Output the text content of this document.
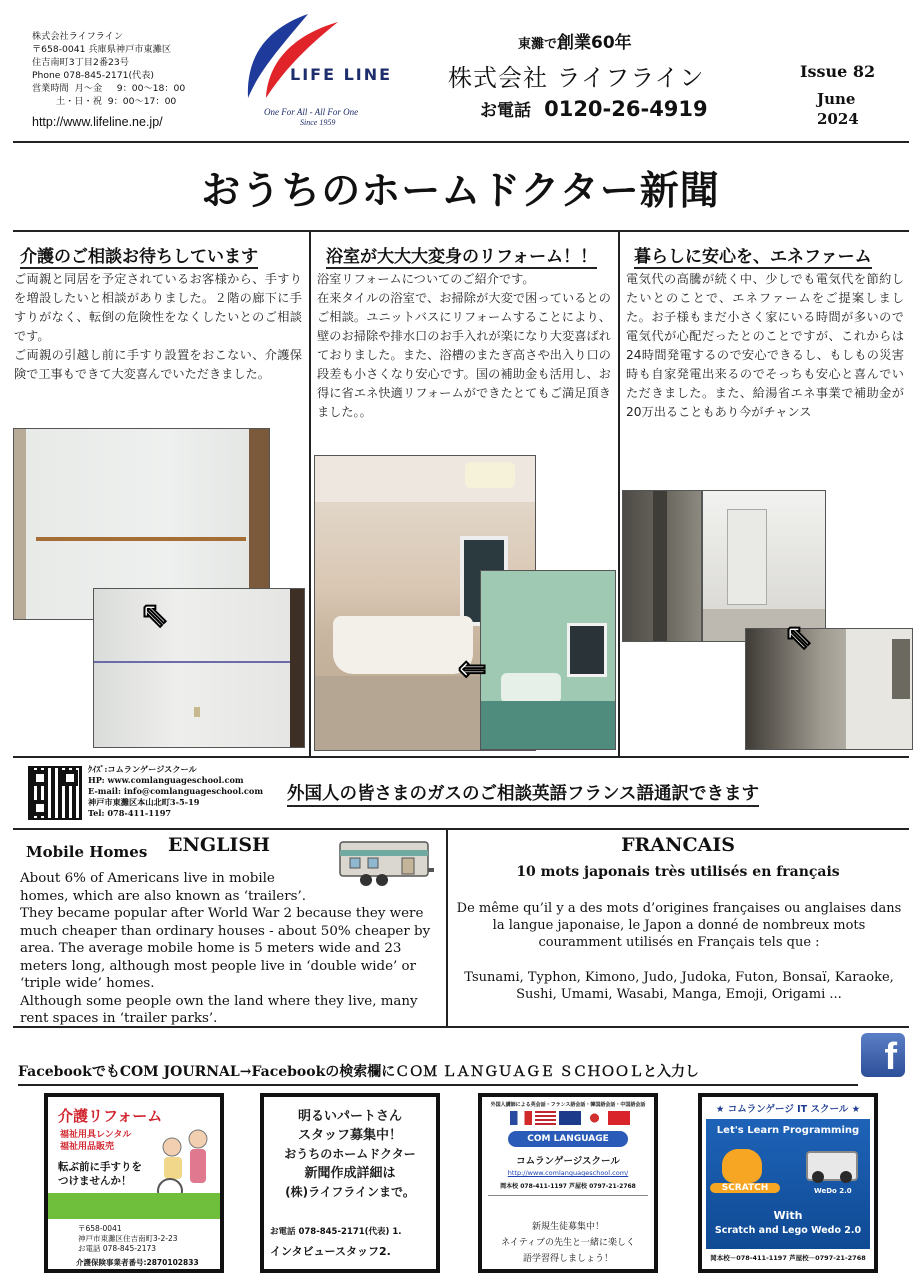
株式会社ライフライン
〒658-0041 兵庫県神戸市東灘区
住吉南町3丁目2番23号
Phone 078-845-2171(代表)
営業時間  月～金     9：00～18：00
土・日・祝  9：00～17：00
http://www.lifeline.ne.jp/
LIFE LINE
One For All - All For One
Since 1959
東灘で創業60年
株式会社 ライフライン
お電話 0120-26-4919
Issue 82
June
2024
おうちのホームドクター新聞
介護のご相談お待ちしています
ご両親と同居を予定されているお客様から、手すりを増設したいと相談がありました。２階の廊下に手すりがなく、転倒の危険性をなくしたいとのご相談です。
ご両親の引越し前に手すり設置をおこない、介護保険で工事もできて大変喜んでいただきました。
⇖
浴室が大大大変身のリフォーム！！
浴室リフォームについてのご紹介です。
在来タイルの浴室で、お掃除が大変で困っているとのご相談。ユニットバスにリフォームすることにより、壁のお掃除や排水口のお手入れが楽になり大変喜ばれておりました。また、浴槽のまたぎ高さや出入り口の段差も小さくなり安心です。国の補助金も活用し、お得に省エネ快適リフォームができたとてもご満足頂きました。。
⇐
暮らしに安心を、エネファーム
電気代の高騰が続く中、少しでも電気代を節約したいとのことで、エネファームをご提案しました。お子様もまだ小さく家にいる時間が多いので電気代が心配だったとのことですが、これからは24時間発電するので安心できるし、もしもの災害時も自家発電出来るのでそっちも安心と喜んでいただきました。また、給湯省エネ事業で補助金が20万出ることもあり今がチャンス
⇖
ｸｲｽﾞ:コムランゲージスクール
HP: www.comlanguageschool.com
E-mail: info@comlanguageschool.com
神戸市東灘区本山北町3-5-19
Tel: 078-411-1197
外国人の皆さまのガスのご相談英語フランス語通訳できます
Mobile Homes ENGLISH
About 6% of Americans live in mobile homes, which are also known as ‘trailers’.
They became popular after World War 2 because they were much cheaper than ordinary houses - about 50% cheaper by area. The average mobile home is 5 meters wide and 23 meters long, although most people live in ‘double wide’ or ‘triple wide’ homes.
Although some people own the land where they live, many rent spaces in ‘trailer parks’.
FRANCAIS
10 mots japonais très utilisés en français
De même qu’il y a des mots d’origines françaises ou anglaises dans la langue japonaise, le Japon a donné de nombreux mots couramment utilisés en Français tels que :
Tsunami, Typhon, Kimono, Judo, Judoka, Futon, Bonsaï, Karaoke, Sushi, Umami, Wasabi, Manga, Emoji, Origami ...
FacebookでもCOM JOURNAL→Facebookの検索欄にＣＯＭ ＬＡＮＧＵＡＧＥ ＳＣＨＯＯＬと入力し	f
介護リフォーム
福祉用具レンタル
福祉用品販売
転ぶ前に手すりを
つけませんか！
〒658-0041
神戸市東灘区住吉南町3-2-23
お電話 078-845-2173
介護保険事業者番号:2870102833
明るいパートさん
スタッフ募集中！
おうちのホームドクター
新聞作成詳細は
(株)ライフラインまで。
お電話 078-845-2171(代表) 1.
インタビュースタッフ2.
外国人講師による英会話・フランス語会話・韓国語会話・中国語会話
COM LANGUAGE
コムランゲージスクール
http://www.comlanguageschool.com/
岡本校 078-411-1197 芦屋校 0797-21-2768
新規生徒募集中！
ネイティブの先生と一緒に楽しく
語学習得しましょう！
★ コムランゲージ IT スクール ★
Let's Learn Programming
SCRATCH	WeDo 2.0
With
Scratch and Lego Wedo 2.0
岡本校－078-411-1197 芦屋校－0797-21-2768
